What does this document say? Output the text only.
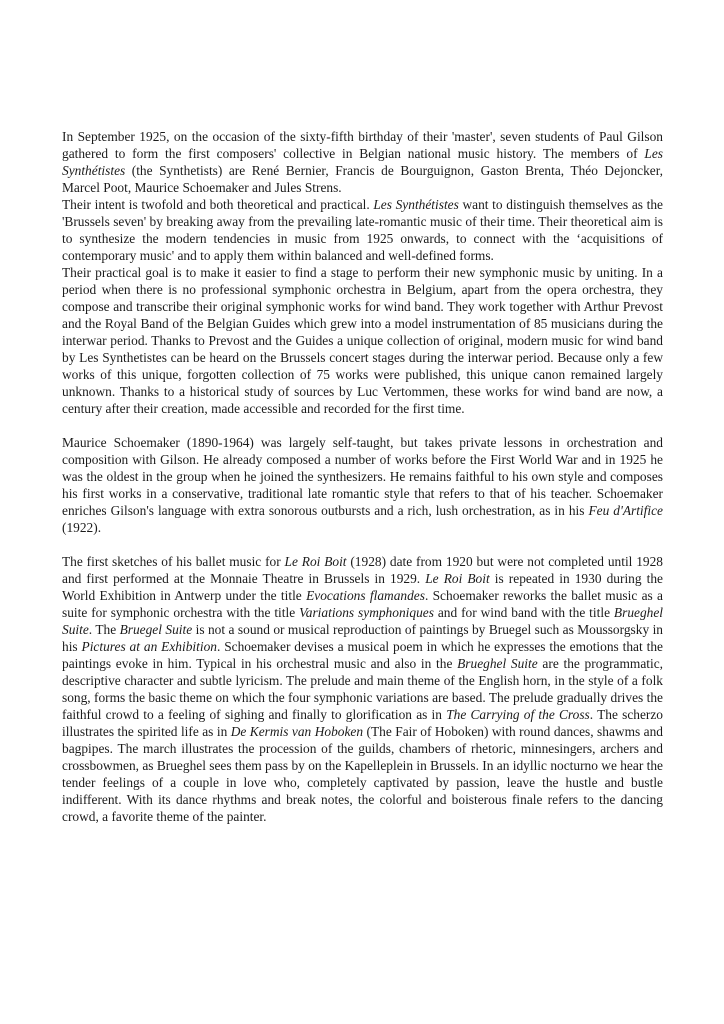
In September 1925, on the occasion of the sixty-fifth birthday of their 'master', seven students of Paul Gilson gathered to form the first composers' collective in Belgian national music history. The members of Les Synthétistes (the Synthetists) are René Bernier, Francis de Bourguignon, Gaston Brenta, Théo Dejoncker, Marcel Poot, Maurice Schoemaker and Jules Strens.

Their intent is twofold and both theoretical and practical. Les Synthétistes want to distinguish themselves as the 'Brussels seven' by breaking away from the prevailing late-romantic music of their time. Their theoretical aim is to synthesize the modern tendencies in music from 1925 onwards, to connect with the ‘acquisitions of contemporary music' and to apply them within balanced and well-defined forms.

Their practical goal is to make it easier to find a stage to perform their new symphonic music by uniting. In a period when there is no professional symphonic orchestra in Belgium, apart from the opera orchestra, they compose and transcribe their original symphonic works for wind band. They work together with Arthur Prevost and the Royal Band of the Belgian Guides which grew into a model instrumentation of 85 musicians during the interwar period. Thanks to Prevost and the Guides a unique collection of original, modern music for wind band by Les Synthetistes can be heard on the Brussels concert stages during the interwar period. Because only a few works of this unique, forgotten collection of 75 works were published, this unique canon remained largely unknown. Thanks to a historical study of sources by Luc Vertommen, these works for wind band are now, a century after their creation, made accessible and recorded for the first time.

Maurice Schoemaker (1890-1964) was largely self-taught, but takes private lessons in orchestration and composition with Gilson. He already composed a number of works before the First World War and in 1925 he was the oldest in the group when he joined the synthesizers. He remains faithful to his own style and composes his first works in a conservative, traditional late romantic style that refers to that of his teacher. Schoemaker enriches Gilson's language with extra sonorous outbursts and a rich, lush orchestration, as in his Feu d'Artifice (1922).

The first sketches of his ballet music for Le Roi Boit (1928) date from 1920 but were not completed until 1928 and first performed at the Monnaie Theatre in Brussels in 1929. Le Roi Boit is repeated in 1930 during the World Exhibition in Antwerp under the title Evocations flamandes. Schoemaker reworks the ballet music as a suite for symphonic orchestra with the title Variations symphoniques and for wind band with the title Brueghel Suite. The Bruegel Suite is not a sound or musical reproduction of paintings by Bruegel such as Moussorgsky in his Pictures at an Exhibition. Schoemaker devises a musical poem in which he expresses the emotions that the paintings evoke in him. Typical in his orchestral music and also in the Brueghel Suite are the programmatic, descriptive character and subtle lyricism. The prelude and main theme of the English horn, in the style of a folk song, forms the basic theme on which the four symphonic variations are based. The prelude gradually drives the faithful crowd to a feeling of sighing and finally to glorification as in The Carrying of the Cross. The scherzo illustrates the spirited life as in De Kermis van Hoboken (The Fair of Hoboken) with round dances, shawms and bagpipes. The march illustrates the procession of the guilds, chambers of rhetoric, minnesingers, archers and crossbowmen, as Brueghel sees them pass by on the Kapelleplein in Brussels. In an idyllic nocturno we hear the tender feelings of a couple in love who, completely captivated by passion, leave the hustle and bustle indifferent. With its dance rhythms and break notes, the colorful and boisterous finale refers to the dancing crowd, a favorite theme of the painter.
